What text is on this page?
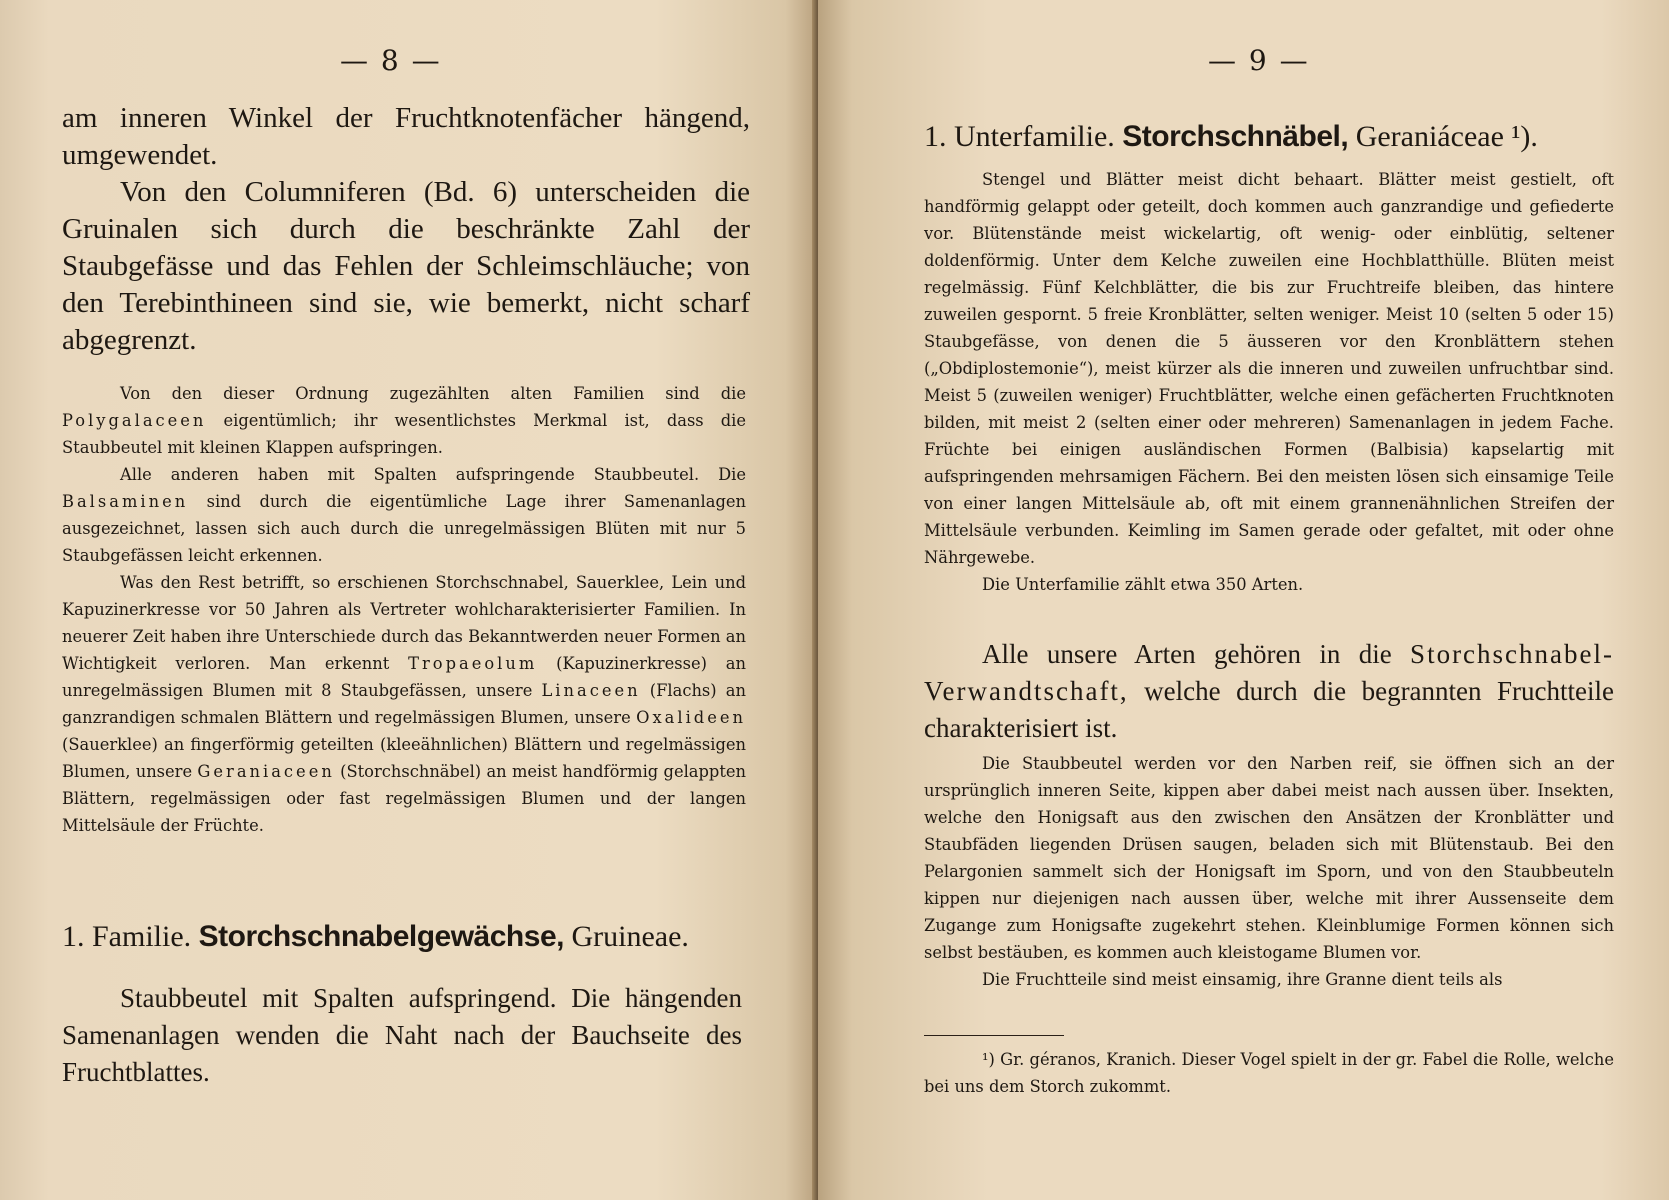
— 8 —

am inneren Winkel der Fruchtknotenfächer hängend, umgewendet.

Von den Columniferen (Bd. 6) unterscheiden die Gruinalen sich durch die beschränkte Zahl der Staubgefässe und das Fehlen der Schleimschläuche; von den Terebinthineen sind sie, wie bemerkt, nicht scharf abgegrenzt.

Von den dieser Ordnung zugezählten alten Familien sind die Polygalaceen eigentümlich; ihr wesentlichstes Merkmal ist, dass die Staubbeutel mit kleinen Klappen aufspringen.

Alle anderen haben mit Spalten aufspringende Staubbeutel. Die Balsaminen sind durch die eigentümliche Lage ihrer Samenanlagen ausgezeichnet, lassen sich auch durch die unregelmässigen Blüten mit nur 5 Staubgefässen leicht erkennen.

Was den Rest betrifft, so erschienen Storchschnabel, Sauerklee, Lein und Kapuzinerkresse vor 50 Jahren als Vertreter wohlcharakterisierter Familien. In neuerer Zeit haben ihre Unterschiede durch das Bekanntwerden neuer Formen an Wichtigkeit verloren. Man erkennt Tropaeolum (Kapuzinerkresse) an unregelmässigen Blumen mit 8 Staubgefässen, unsere Linaceen (Flachs) an ganzrandigen schmalen Blättern und regelmässigen Blumen, unsere Oxalideen (Sauerklee) an fingerförmig geteilten (kleeähnlichen) Blättern und regelmässigen Blumen, unsere Geraniaceen (Storchschnäbel) an meist handförmig gelappten Blättern, regelmässigen oder fast regelmässigen Blumen und der langen Mittelsäule der Früchte.

1. Familie. Storchschnabelgewächse, Gruineae.

Staubbeutel mit Spalten aufspringend. Die hängenden Samenanlagen wenden die Naht nach der Bauchseite des Fruchtblattes.

— 9 —
1. Unterfamilie. Storchschnäbel, Geraniáceae ¹).

Stengel und Blätter meist dicht behaart. Blätter meist gestielt, oft handförmig gelappt oder geteilt, doch kommen auch ganzrandige und gefiederte vor. Blütenstände meist wickelartig, oft wenig- oder einblütig, seltener doldenförmig. Unter dem Kelche zuweilen eine Hochblatthülle. Blüten meist regelmässig. Fünf Kelchblätter, die bis zur Fruchtreife bleiben, das hintere zuweilen gespornt. 5 freie Kronblätter, selten weniger. Meist 10 (selten 5 oder 15) Staubgefässe, von denen die 5 äusseren vor den Kronblättern stehen („Obdiplostemonie“), meist kürzer als die inneren und zuweilen unfruchtbar sind. Meist 5 (zuweilen weniger) Fruchtblätter, welche einen gefächerten Fruchtknoten bilden, mit meist 2 (selten einer oder mehreren) Samenanlagen in jedem Fache. Früchte bei einigen ausländischen Formen (Balbisia) kapselartig mit aufspringenden mehrsamigen Fächern. Bei den meisten lösen sich einsamige Teile von einer langen Mittelsäule ab, oft mit einem grannenähnlichen Streifen der Mittelsäule verbunden. Keimling im Samen gerade oder gefaltet, mit oder ohne Nährgewebe.

Die Unterfamilie zählt etwa 350 Arten.

Alle unsere Arten gehören in die Storchschnabel-Verwandtschaft, welche durch die begrannten Fruchtteile charakterisiert ist.

Die Staubbeutel werden vor den Narben reif, sie öffnen sich an der ursprünglich inneren Seite, kippen aber dabei meist nach aussen über. Insekten, welche den Honigsaft aus den zwischen den Ansätzen der Kronblätter und Staubfäden liegenden Drüsen saugen, beladen sich mit Blütenstaub. Bei den Pelargonien sammelt sich der Honigsaft im Sporn, und von den Staubbeuteln kippen nur diejenigen nach aussen über, welche mit ihrer Aussenseite dem Zugange zum Honigsafte zugekehrt stehen. Kleinblumige Formen können sich selbst bestäuben, es kommen auch kleistogame Blumen vor.

Die Fruchtteile sind meist einsamig, ihre Granne dient teils als

¹) Gr. géranos, Kranich. Dieser Vogel spielt in der gr. Fabel die Rolle, welche bei uns dem Storch zukommt.
